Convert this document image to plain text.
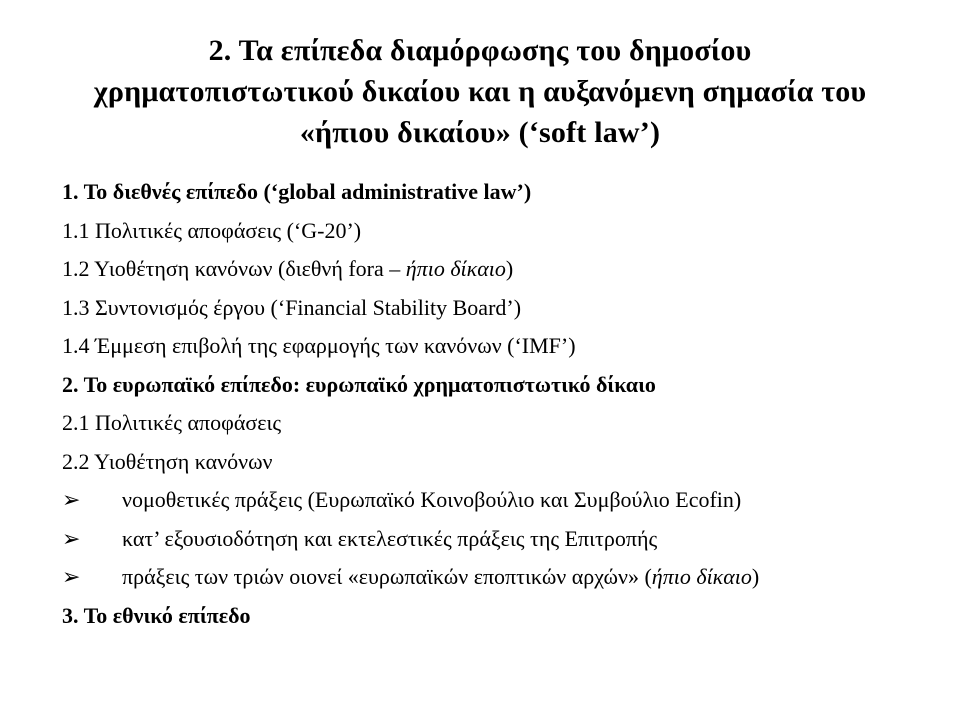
2. Τα επίπεδα διαμόρφωσης του δημοσίου
χρηματοπιστωτικού δικαίου και η αυξανόμενη σημασία του
«ήπιου δικαίου» (‘soft law’)
1. Το διεθνές επίπεδο (‘global administrative law’)
1.1 Πολιτικές αποφάσεις (‘G-20’)
1.2 Υιοθέτηση κανόνων (διεθνή fora – ήπιο δίκαιο)
1.3 Συντονισμός έργου (‘Financial Stability Board’)
1.4 Έμμεση επιβολή της εφαρμογής των κανόνων (‘IMF’)
2. Το ευρωπαϊκό επίπεδο: ευρωπαϊκό χρηματοπιστωτικό δίκαιο
2.1 Πολιτικές αποφάσεις
2.2 Υιοθέτηση κανόνων
➢	νομοθετικές πράξεις (Ευρωπαϊκό Κοινοβούλιο και Συμβούλιο Ecofin)
➢	κατ’ εξουσιοδότηση και εκτελεστικές πράξεις της Επιτροπής
➢	πράξεις των τριών οιονεί «ευρωπαϊκών εποπτικών αρχών» (ήπιο δίκαιο)
3. Το εθνικό επίπεδο
